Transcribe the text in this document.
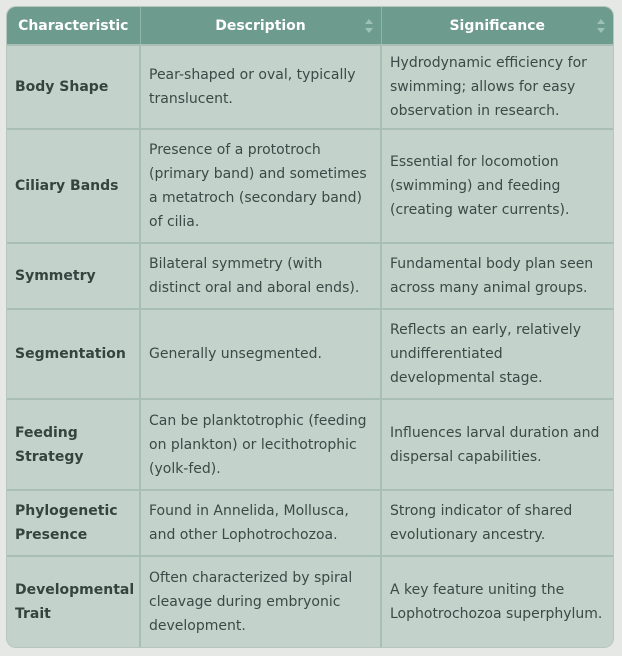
Characteristic	Description	Significance

Body Shape	Pear-shaped or oval, typically translucent.	Hydrodynamic efficiency for swimming; allows for easy observation in research.
Ciliary Bands	Presence of a prototroch (primary band) and sometimes a metatroch (secondary band) of cilia.	Essential for locomotion (swimming) and feeding (creating water currents).
Symmetry	Bilateral symmetry (with distinct oral and aboral ends).	Fundamental body plan seen across many animal groups.
Segmentation	Generally unsegmented.	Reflects an early, relatively undifferentiated developmental stage.
Feeding Strategy	Can be planktotrophic (feeding on plankton) or lecithotrophic (yolk-fed).	Influences larval duration and dispersal capabilities.
Phylogenetic Presence	Found in Annelida, Mollusca, and other Lophotrochozoa.	Strong indicator of shared evolutionary ancestry.
Developmental Trait	Often characterized by spiral cleavage during embryonic development.	A key feature uniting the Lophotrochozoa superphylum.
